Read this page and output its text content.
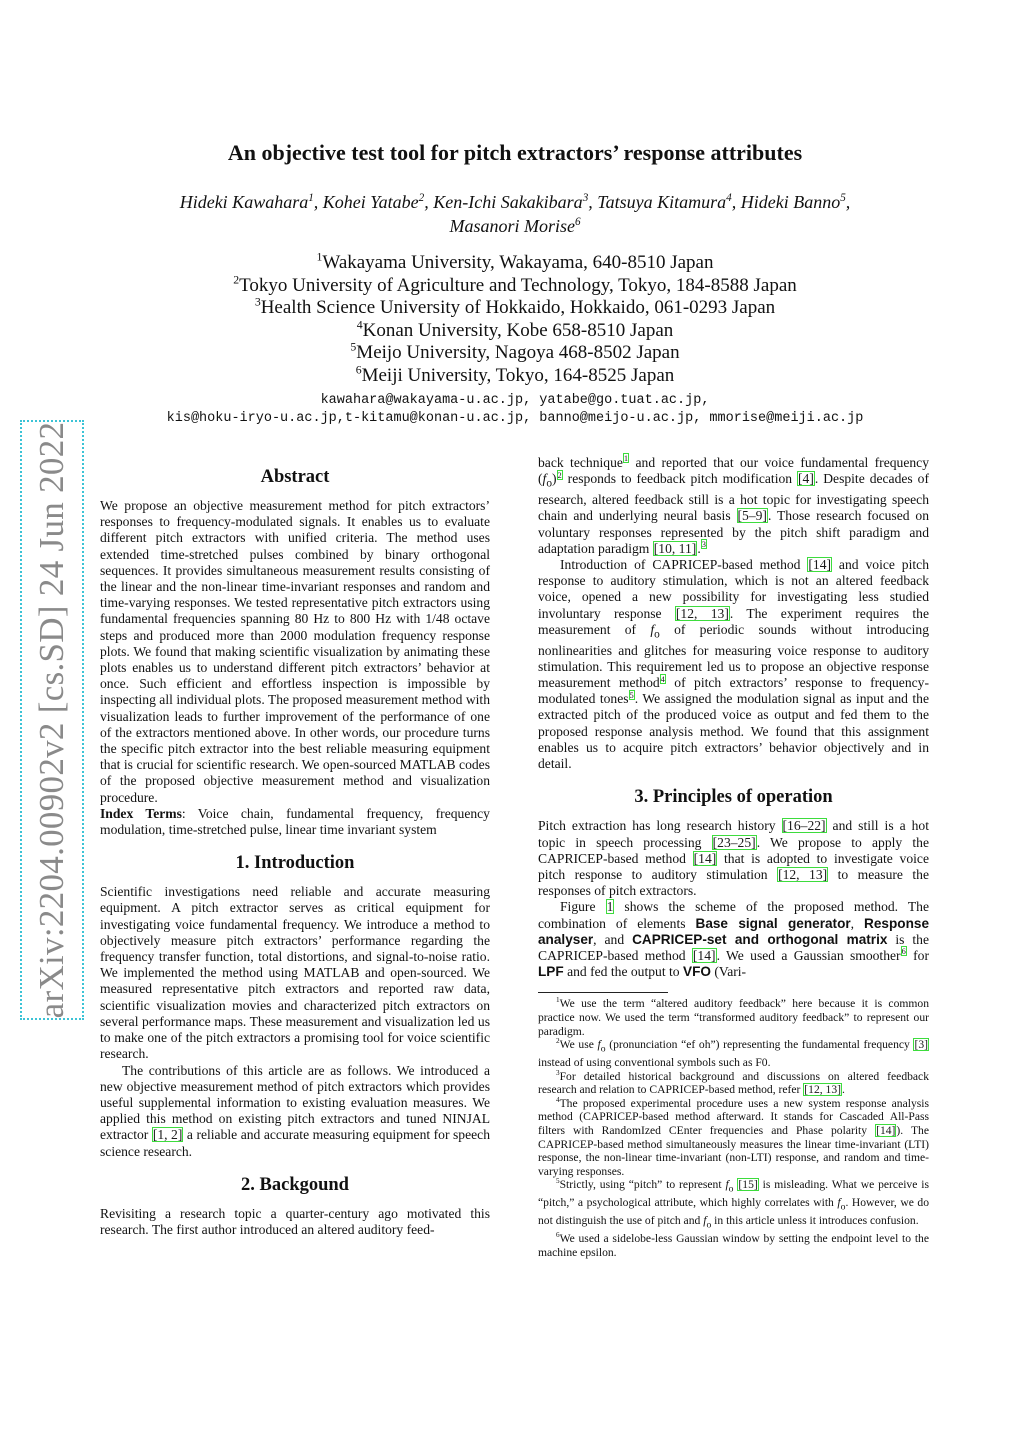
arXiv:2204.00902v2 [cs.SD] 24 Jun 2022
An objective test tool for pitch extractors’ response attributes
Hideki Kawahara$^1$, Kohei Yatabe$^2$, Ken-Ichi Sakakibara$^3$, Tatsuya Kitamura$^4$, Hideki Banno$^5$,
Masanori Morise$^6$
$^1$Wakayama University, Wakayama, 640-8510 Japan
$^2$Tokyo University of Agriculture and Technology, Tokyo, 184-8588 Japan
$^3$Health Science University of Hokkaido, Hokkaido, 061-0293 Japan
$^4$Konan University, Kobe 658-8510 Japan
$^5$Meijo University, Nagoya 468-8502 Japan
$^6$Meiji University, Tokyo, 164-8525 Japan
kawahara@wakayama-u.ac.jp, yatabe@go.tuat.ac.jp,
kis@hoku-iryo-u.ac.jp,t-kitamu@konan-u.ac.jp, banno@meijo-u.ac.jp, mmorise@meiji.ac.jp
Abstract

We propose an objective measurement method for pitch extractors’ responses to frequency-modulated signals. It enables us to evaluate different pitch extractors with unified criteria. The method uses extended time-stretched pulses combined by binary orthogonal sequences. It provides simultaneous measurement results consisting of the linear and the non-linear time-invariant responses and random and time-varying responses. We tested representative pitch extractors using fundamental frequencies spanning 80 Hz to 800 Hz with 1/48 octave steps and produced more than 2000 modulation frequency response plots. We found that making scientific visualization by animating these plots enables us to understand different pitch extractors’ behavior at once. Such efficient and effortless inspection is impossible by inspecting all individual plots. The proposed measurement method with visualization leads to further improvement of the performance of one of the extractors mentioned above. In other words, our procedure turns the specific pitch extractor into the best reliable measuring equipment that is crucial for scientific research. We open-sourced MATLAB codes of the proposed objective measurement method and visualization procedure.

Index Terms: Voice chain, fundamental frequency, frequency modulation, time-stretched pulse, linear time invariant system

1. Introduction

Scientific investigations need reliable and accurate measuring equipment. A pitch extractor serves as critical equipment for investigating voice fundamental frequency. We introduce a method to objectively measure pitch extractors’ performance regarding the frequency transfer function, total distortions, and signal-to-noise ratio. We implemented the method using MATLAB and open-sourced. We measured representative pitch extractors and reported raw data, scientific visualization movies and characterized pitch extractors on several performance maps. These measurement and visualization led us to make one of the pitch extractors a promising tool for voice scientific research.

The contributions of this article are as follows. We introduced a new objective measurement method of pitch extractors which provides useful supplemental information to existing evaluation measures. We applied this method on existing pitch extractors and tuned NINJAL extractor [1, 2] a reliable and accurate measuring equipment for speech science research.

2. Backgound

Revisiting a research topic a quarter-century ago motivated this research. The first author introduced an altered auditory feed-

back technique$^1$ and reported that our voice fundamental frequency $(f_o)^2$ responds to feedback pitch modification [4]. Despite decades of research, altered feedback still is a hot topic for investigating speech chain and underlying neural basis [5–9]. Those research focused on voluntary responses represented by the pitch shift paradigm and adaptation paradigm [10, 11].$^3$

Introduction of CAPRICEP-based method [14] and voice pitch response to auditory stimulation, which is not an altered feedback voice, opened a new possibility for investigating less studied involuntary response [12, 13]. The experiment requires the measurement of $f_o$ of periodic sounds without introducing nonlinearities and glitches for measuring voice response to auditory stimulation. This requirement led us to propose an objective response measurement method$^4$ of pitch extractors’ response to frequency-modulated tones$^5$. We assigned the modulation signal as input and the extracted pitch of the produced voice as output and fed them to the proposed response analysis method. We found that this assignment enables us to acquire pitch extractors’ behavior objectively and in detail.

3. Principles of operation

Pitch extraction has long research history [16–22] and still is a hot topic in speech processing [23–25]. We propose to apply the CAPRICEP-based method [14] that is adopted to investigate voice pitch response to auditory stimulation [12, 13] to measure the responses of pitch extractors.

Figure 1 shows the scheme of the proposed method. The combination of elements Base signal generator, Response analyser, and CAPRICEP-set and orthogonal matrix is the CAPRICEP-based method [14]. We used a Gaussian smoother$^6$ for LPF and fed the output to VFO (Vari-

$^1$We use the term “altered auditory feedback” here because it is common practice now. We used the term “transformed auditory feedback” to represent our paradigm.

$^2$We use $f_o$ (pronunciation “ef oh”) representing the fundamental frequency [3] instead of using conventional symbols such as F0.

$^3$For detailed historical background and discussions on altered feedback research and relation to CAPRICEP-based method, refer [12, 13].

$^4$The proposed experimental procedure uses a new system response analysis method (CAPRICEP-based method afterward. It stands for Cascaded All-Pass filters with RandomIzed CEnter frequencies and Phase polarity [14]). The CAPRICEP-based method simultaneously measures the linear time-invariant (LTI) response, the non-linear time-invariant (non-LTI) response, and random and time-varying responses.

$^5$Strictly, using “pitch” to represent $f_o$ [15] is misleading. What we perceive is “pitch,” a psychological attribute, which highly correlates with $f_o$. However, we do not distinguish the use of pitch and $f_o$ in this article unless it introduces confusion.

$^6$We used a sidelobe-less Gaussian window by setting the endpoint level to the machine epsilon.
